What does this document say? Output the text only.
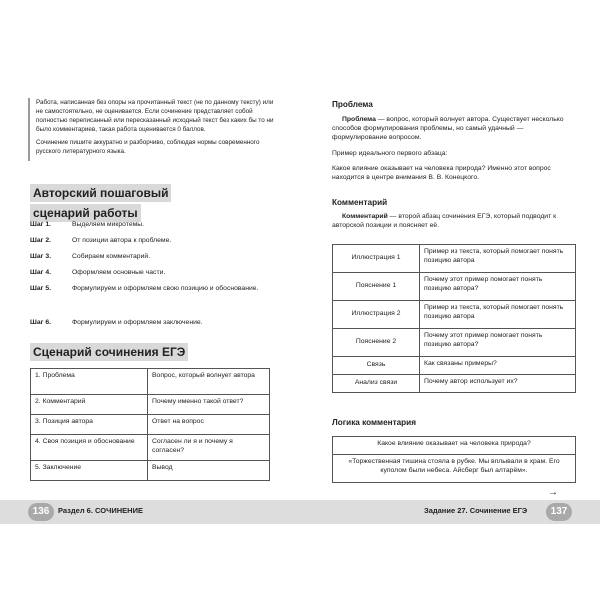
Работа, написанная без опоры на прочитанный текст (не по данному тексту) или не самостоятельно, не оценивается. Если сочинение представляет собой полностью переписанный или пересказанный исходный текст без каких бы то ни было комментариев, такая работа оценивается 0 баллов.

Сочинение пишите аккуратно и разборчиво, соблюдая нормы современного русского литературного языка.

Авторский пошаговый
сценарий работы
Шаг 1.	Выделяем микротемы.
Шаг 2.	От позиции автора к проблеме.
Шаг 3.	Собираем комментарий.
Шаг 4.	Оформляем основные части.
Шаг 5.	Формулируем и оформляем свою позицию и обоснование.
Шаг 6.	Формулируем и оформляем заключение.
Сценарий сочинения ЕГЭ
1. Проблема	Вопрос, который волнует автора
2. Комментарий	Почему именно такой ответ?
3. Позиция автора	Ответ на вопрос
4. Своя позиция и обоснование	Согласен ли я и почему я согласен?
5. Заключение	Вывод
Проблема
Проблема — вопрос, который волнует автора. Существует несколько способов формулирования проблемы, но самый удачный — формулирование вопросом.
Пример идеального первого абзаца:
Какое влияние оказывает на человека природа? Именно этот вопрос находится в центре внимания В. В. Конецкого.
Комментарий
Комментарий — второй абзац сочинения ЕГЭ, который подводит к авторской позиции и поясняет её.
Иллюстрация 1	Пример из текста, который помогает понять позицию автора
Пояснение 1	Почему этот пример помогает понять позицию автора?
Иллюстрация 2	Пример из текста, который помогает понять позицию автора
Пояснение 2	Почему этот пример помогает понять позицию автора?
Связь	Как связаны примеры?
Анализ связи	Почему автор использует их?
Логика комментария
Какое влияние оказывает на человека природа?
«Торжественная тишина стояла в рубке. Мы вплывали в храм. Его куполом были небеса. Айсберг был алтарём».
→
136	Раздел 6. СОЧИНЕНИЕ	Задание 27. Сочинение ЕГЭ	137
